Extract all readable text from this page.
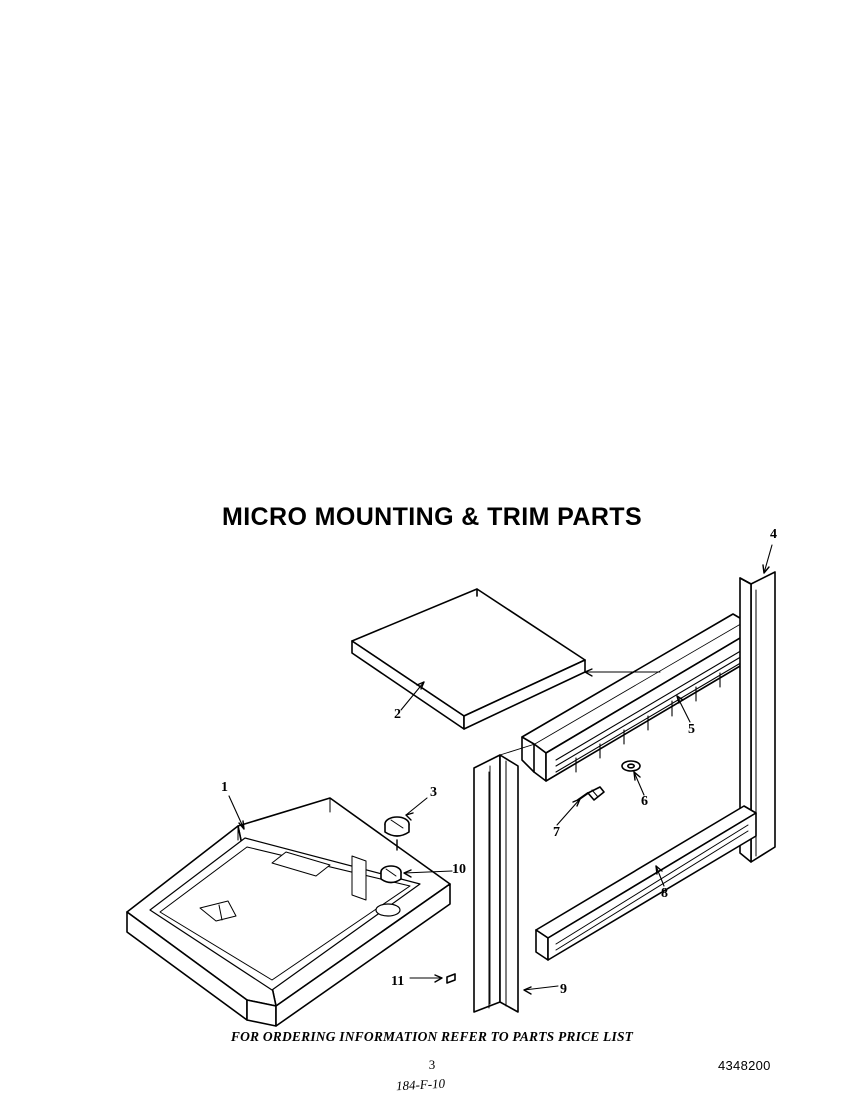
MICRO MOUNTING & TRIM PARTS
1
2
3
4
5
6
7
8
9
10
11
FOR ORDERING INFORMATION REFER TO PARTS PRICE LIST
3
184-F-10
4348200
